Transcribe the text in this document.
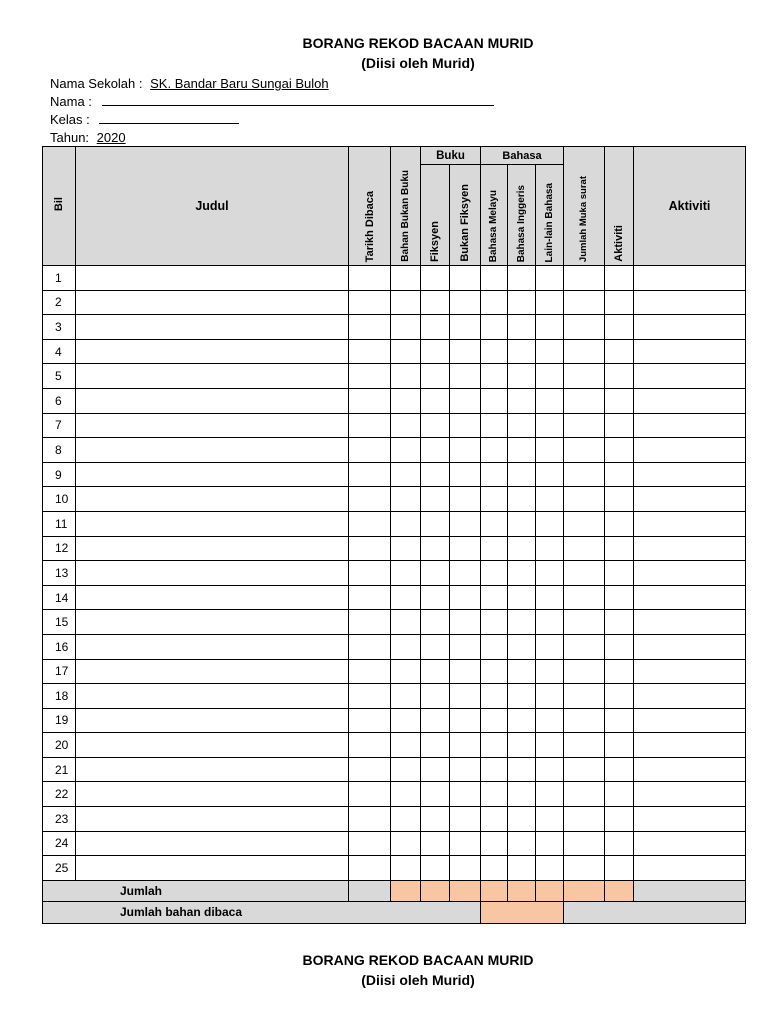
BORANG REKOD BACAAN MURID
(Diisi oleh Murid)
Nama Sekolah : SK. Bandar Baru Sungai Buloh
Nama :
Kelas :
Tahun: 2020
Bil	Judul	Tarikh Dibaca	Bahan Bukan Buku	Buku		Bahasa			Jumlah Muka surat	Aktiviti	Aktiviti
				Fiksyen	Bukan Fiksyen	Bahasa Melayu	Bahasa Inggeris	Lain-lain Bahasa			
1											
2											
3											
4											
5											
6											
7											
8											
9											
10											
11											
12											
13											
14											
15											
16											
17											
18											
19											
20											
21											
22											
23											
24											
25											
Jumlah											
Jumlah bahan dibaca											
BORANG REKOD BACAAN MURID
(Diisi oleh Murid)
